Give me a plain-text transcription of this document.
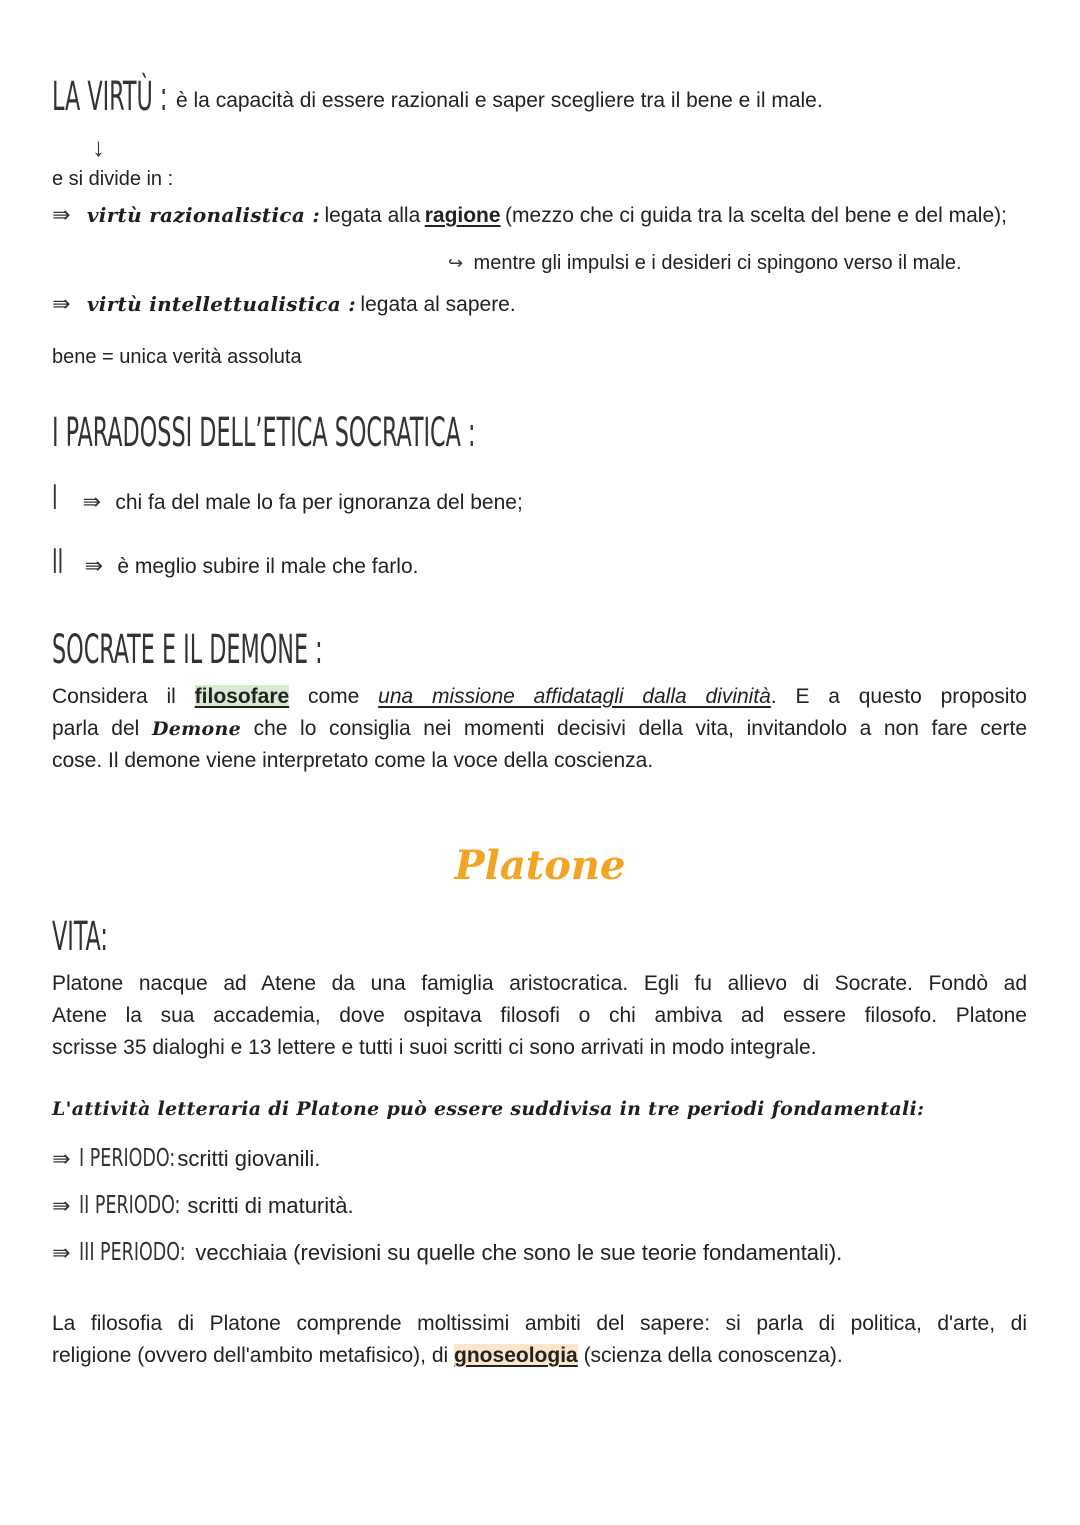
LA VIRTÙ : è la capacità di essere razionali e saper scegliere tra il bene e il male.
↓
e si divide in :
⇛ virtù razionalistica : legata alla ragione (mezzo che ci guida tra la scelta del bene e del male);
↪ mentre gli impulsi e i desideri ci spingono verso il male.
⇛ virtù intellettualistica : legata al sapere.
bene = unica verità assoluta
I PARADOSSI DELL’ETICA SOCRATICA :
I ⇛ chi fa del male lo fa per ignoranza del bene;
II ⇛ è meglio subire il male che farlo.
SOCRATE E IL DEMONE :
Considera il filosofare come una missione affidatagli dalla divinità. E a questo proposito
parla del Demone che lo consiglia nei momenti decisivi della vita, invitandolo a non fare certe
cose. Il demone viene interpretato come la voce della coscienza.
Platone
VITA:
Platone nacque ad Atene da una famiglia aristocratica. Egli fu allievo di Socrate. Fondò ad
Atene la sua accademia, dove ospitava filosofi o chi ambiva ad essere filosofo. Platone
scrisse 35 dialoghi e 13 lettere e tutti i suoi scritti ci sono arrivati in modo integrale.
L'attività letteraria di Platone può essere suddivisa in tre periodi fondamentali:
⇛ I PERIODO: scritti giovanili.
⇛ II PERIODO: scritti di maturità.
⇛ III PERIODO: vecchiaia (revisioni su quelle che sono le sue teorie fondamentali).
La filosofia di Platone comprende moltissimi ambiti del sapere: si parla di politica, d'arte, di
religione (ovvero dell'ambito metafisico), di gnoseologia (scienza della conoscenza).
